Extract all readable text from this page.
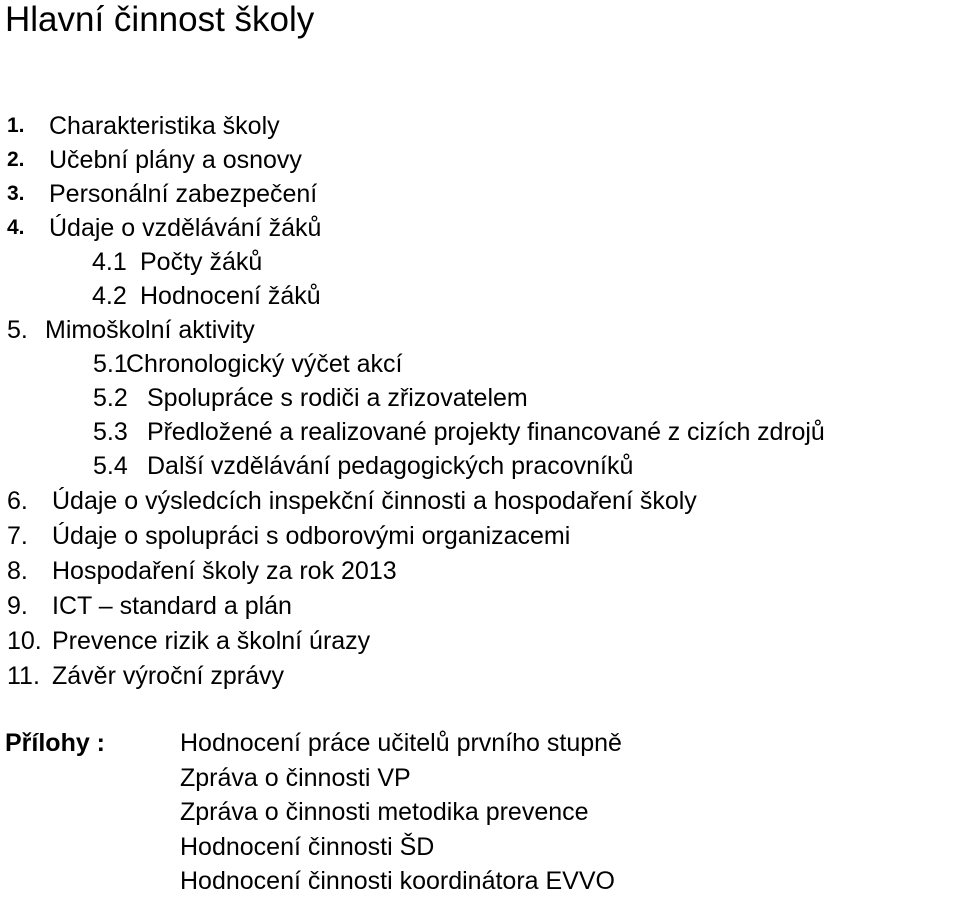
Hlavní činnost školy
1. Charakteristika školy
2. Učební plány a osnovy
3. Personální zabezpečení
4. Údaje o vzdělávání žáků
4.1 Počty žáků
4.2 Hodnocení žáků
5. Mimoškolní aktivity
5.1
Chronologický výčet akcí
5.2 Spolupráce s rodiči a zřizovatelem
5.3 Předložené a realizované projekty financované z cizích zdrojů
5.4 Další vzdělávání pedagogických pracovníků
6. Údaje o výsledcích inspekční činnosti a hospodaření školy
7. Údaje o spolupráci s odborovými organizacemi
8. Hospodaření školy za rok 2013
9. ICT – standard a plán
10. Prevence rizik a školní úrazy
11. Závěr výroční zprávy
Přílohy :	Hodnocení práce učitelů prvního stupně
Zpráva o činnosti VP
Zpráva o činnosti metodika prevence
Hodnocení činnosti ŠD
Hodnocení činnosti koordinátora EVVO
